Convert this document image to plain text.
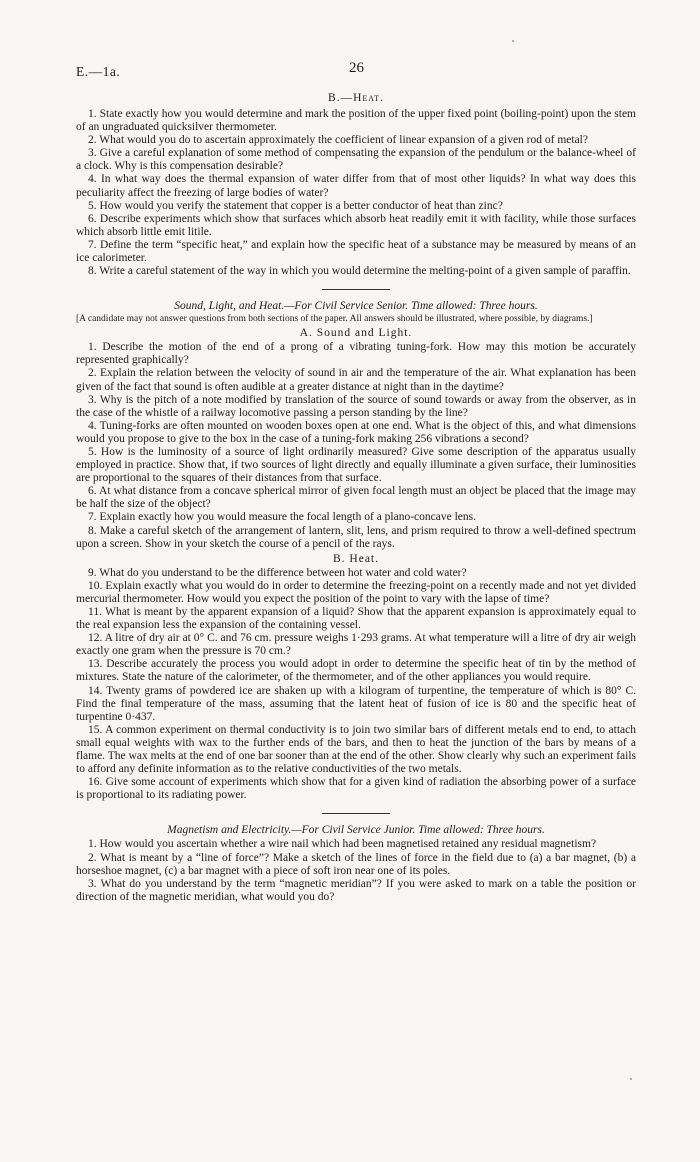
E.—1a.	26
B.—Heat.

1. State exactly how you would determine and mark the position of the upper fixed point (boiling-point) upon the stem of an ungraduated quicksilver thermometer.

2. What would you do to ascertain approximately the coefficient of linear expansion of a given rod of metal?

3. Give a careful explanation of some method of compensating the expansion of the pendulum or the balance-wheel of a clock. Why is this compensation desirable?

4. In what way does the thermal expansion of water differ from that of most other liquids? In what way does this peculiarity affect the freezing of large bodies of water?

5. How would you verify the statement that copper is a better conductor of heat than zinc?

6. Describe experiments which show that surfaces which absorb heat readily emit it with facility, while those surfaces which absorb little emit litile.

7. Define the term “specific heat,” and explain how the specific heat of a substance may be measured by means of an ice calorimeter.

8. Write a careful statement of the way in which you would determine the melting-point of a given sample of paraffin.

Sound, Light, and Heat.—For Civil Service Senior. Time allowed: Three hours.

[A candidate may not answer questions from both sections of the paper. All answers should be illustrated, where possible, by diagrams.]

A. Sound and Light.

1. Describe the motion of the end of a prong of a vibrating tuning-fork. How may this motion be accurately represented graphically?

2. Explain the relation between the velocity of sound in air and the temperature of the air. What explanation has been given of the fact that sound is often audible at a greater distance at night than in the daytime?

3. Why is the pitch of a note modified by translation of the source of sound towards or away from the observer, as in the case of the whistle of a railway locomotive passing a person standing by the line?

4. Tuning-forks are often mounted on wooden boxes open at one end. What is the object of this, and what dimensions would you propose to give to the box in the case of a tuning-fork making 256 vibrations a second?

5. How is the luminosity of a source of light ordinarily measured? Give some description of the apparatus usually employed in practice. Show that, if two sources of light directly and equally illuminate a given surface, their luminosities are proportional to the squares of their distances from that surface.

6. At what distance from a concave spherical mirror of given focal length must an object be placed that the image may be half the size of the object?

7. Explain exactly how you would measure the focal length of a plano-concave lens.

8. Make a careful sketch of the arrangement of lantern, slit, lens, and prism required to throw a well-defined spectrum upon a screen. Show in your sketch the course of a pencil of the rays.

B. Heat.

9. What do you understand to be the difference between hot water and cold water?

10. Explain exactly what you would do in order to determine the freezing-point on a recently made and not yet divided mercurial thermometer. How would you expect the position of the point to vary with the lapse of time?

11. What is meant by the apparent expansion of a liquid? Show that the apparent expansion is approximately equal to the real expansion less the expansion of the containing vessel.

12. A litre of dry air at 0° C. and 76 cm. pressure weighs 1·293 grams. At what temperature will a litre of dry air weigh exactly one gram when the pressure is 70 cm.?

13. Describe accurately the process you would adopt in order to determine the specific heat of tin by the method of mixtures. State the nature of the calorimeter, of the thermometer, and of the other appliances you would require.

14. Twenty grams of powdered ice are shaken up with a kilogram of turpentine, the temperature of which is 80° C. Find the final temperature of the mass, assuming that the latent heat of fusion of ice is 80 and the specific heat of turpentine 0·437.

15. A common experiment on thermal conductivity is to join two similar bars of different metals end to end, to attach small equal weights with wax to the further ends of the bars, and then to heat the junction of the bars by means of a flame. The wax melts at the end of one bar sooner than at the end of the other. Show clearly why such an experiment fails to afford any definite information as to the relative conductivities of the two metals.

16. Give some account of experiments which show that for a given kind of radiation the absorbing power of a surface is proportional to its radiating power.

Magnetism and Electricity.—For Civil Service Junior. Time allowed: Three hours.

1. How would you ascertain whether a wire nail which had been magnetised retained any residual magnetism?

2. What is meant by a “line of force”? Make a sketch of the lines of force in the field due to (a) a bar magnet, (b) a horseshoe magnet, (c) a bar magnet with a piece of soft iron near one of its poles.

3. What do you understand by the term “magnetic meridian”? If you were asked to mark on a table the position or direction of the magnetic meridian, what would you do?
